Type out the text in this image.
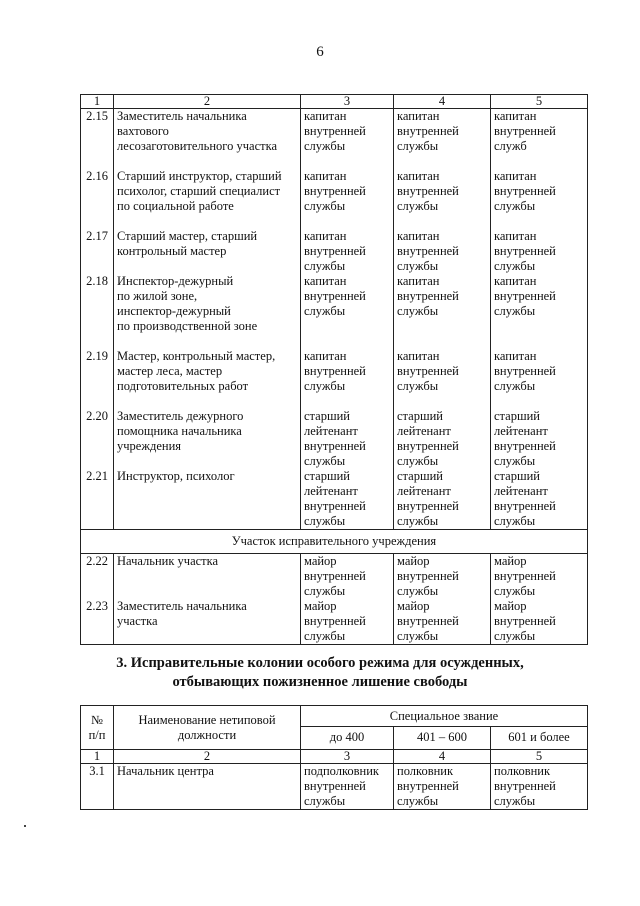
6
1	2	3	4	5
2.15	Заместитель начальника
вахтового
лесозаготовительного участка	капитан
внутренней
службы	капитан
внутренней
службы	капитан
внутренней
служб

2.16	Старший инструктор, старший
психолог, старший специалист
по социальной работе	капитан
внутренней
службы	капитан
внутренней
службы	капитан
внутренней
службы

2.17	Старший мастер, старший
контрольный мастер	капитан
внутренней
службы	капитан
внутренней
службы	капитан
внутренней
службы

2.18	Инспектор-дежурный
по жилой зоне,
инспектор-дежурный
по производственной зоне	капитан
внутренней
службы	капитан
внутренней
службы	капитан
внутренней
службы

2.19	Мастер, контрольный мастер,
мастер леса, мастер
подготовительных работ	капитан
внутренней
службы	капитан
внутренней
службы	капитан
внутренней
службы

2.20	Заместитель дежурного
помощника начальника
учреждения	старший
лейтенант
внутренней
службы	старший
лейтенант
внутренней
службы	старший
лейтенант
внутренней
службы

2.21	Инструктор, психолог	старший
лейтенант
внутренней
службы	старший
лейтенант
внутренней
службы	старший
лейтенант
внутренней
службы

Участок исправительного учреждения				
2.22	Начальник участка	майор
внутренней
службы	майор
внутренней
службы	майор
внутренней
службы

2.23	Заместитель начальника
участка	майор
внутренней
службы	майор
внутренней
службы	майор
внутренней
службы
3. Исправительные колонии особого режима для осужденных,
отбывающих пожизненное лишение свободы
№
п/п	Наименование нетиповой
должности	Специальное звание		
		до 400	401 – 600	601 и более
1	2	3	4	5
3.1	Начальник центра	подполковник
внутренней
службы	полковник
внутренней
службы	полковник
внутренней
службы
